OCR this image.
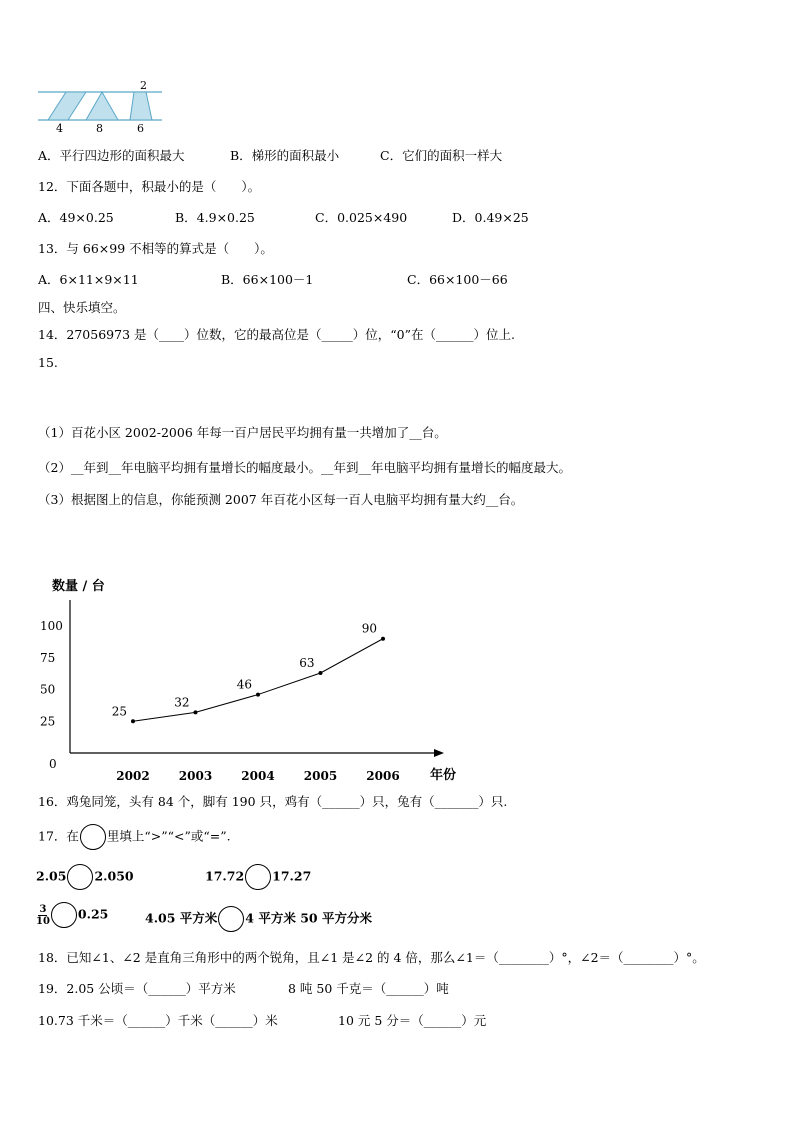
2
4	8	6
A．平行四边形的面积最大	B．梯形的面积最小	C．它们的面积一样大
12．下面各题中，积最小的是（　　）。
A．49×0.25	B．4.9×0.25	C．0.025×490	D．0.49×25
13．与 66×99 不相等的算式是（　　）。
A．6×11×9×11	B．66×100－1	C．66×100－66
四、快乐填空。
14．27056973 是（____）位数，它的最高位是（_____）位，“0”在（______）位上.
15.
（1）百花小区 2002-2006 年每一百户居民平均拥有量一共增加了__台。
（2）__年到__年电脑平均拥有量增长的幅度最小。__年到__年电脑平均拥有量增长的幅度最大。
（3）根据图上的信息，你能预测 2007 年百花小区每一百人电脑平均拥有量大约__台。
数量 / 台
年份
0
25
50
75
100
2002 2003 2004 2005 2006
25
32
46
63
90
16．鸡兔同笼，头有 84 个，脚有 190 只，鸡有（______）只，兔有（_______）只.
17．在 里填上“>”“<”或“=”.
2.05 2.050	17.72 17.27
$\frac{3}{10} 0.25$	4.05 平方米 4 平方米 50 平方分米
18．已知∠1、∠2 是直角三角形中的两个锐角，且∠1 是∠2 的 4 倍，那么∠1＝（________）°，∠2＝（________）°。
19．2.05 公顷＝（______）平方米	8 吨 50 千克＝（______）吨
10.73 千米＝（______）千米（______）米	10 元 5 分＝（______）元
